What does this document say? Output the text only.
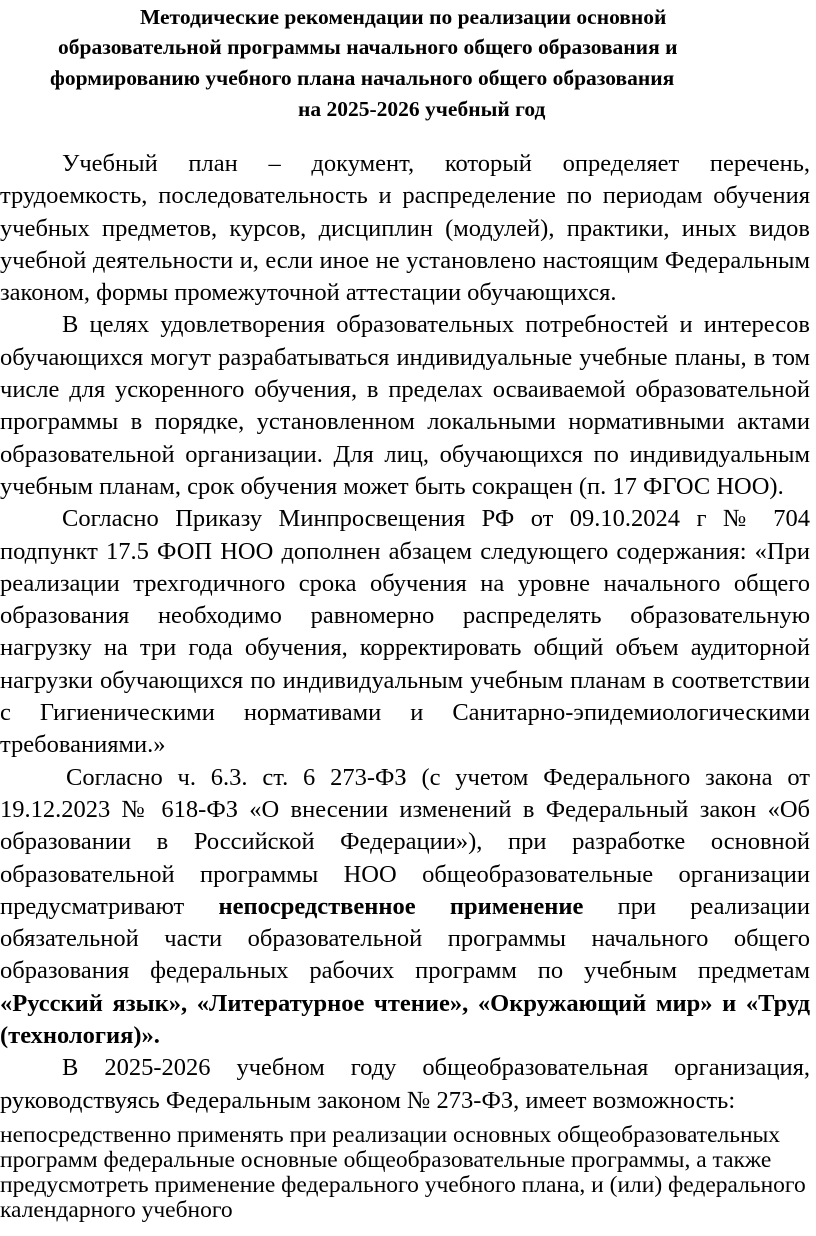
Методические рекомендации по реализации основной
образовательной программы начального общего образования и
формированию учебного плана начального общего образования
на 2025-2026 учебный год

Учебный план – документ, который определяет перечень, трудоемкость, последовательность и распределение по периодам обучения учебных предметов, курсов, дисциплин (модулей), практики, иных видов учебной деятельности и, если иное не установлено настоящим Федеральным законом, формы промежуточной аттестации обучающихся.

В целях удовлетворения образовательных потребностей и интересов обучающихся могут разрабатываться индивидуальные учебные планы, в том числе для ускоренного обучения, в пределах осваиваемой образовательной программы в порядке, установленном локальными нормативными актами образовательной организации. Для лиц, обучающихся по индивидуальным учебным планам, срок обучения может быть сокращен (п. 17 ФГОС НОО).

Согласно Приказу Минпросвещения РФ от 09.10.2024 г № 704 подпункт 17.5 ФОП НОО дополнен абзацем следующего содержания: «При реализации трехгодичного срока обучения на уровне начального общего образования необходимо равномерно распределять образовательную нагрузку на три года обучения, корректировать общий объем аудиторной нагрузки обучающихся по индивидуальным учебным планам в соответствии с Гигиеническими нормативами и Санитарно-эпидемиологическими требованиями.»

Согласно ч. 6.3. ст. 6 273-ФЗ (с учетом Федерального закона от 19.12.2023 № 618-ФЗ «О внесении изменений в Федеральный закон «Об образовании в Российской Федерации»), при разработке основной образовательной программы НОО общеобразовательные организации предусматривают непосредственное применение при реализации обязательной части образовательной программы начального общего образования федеральных рабочих программ по учебным предметам «Русский язык», «Литературное чтение», «Окружающий мир» и «Труд (технология)».

В 2025-2026 учебном году общеобразовательная организация, руководствуясь Федеральным законом № 273-ФЗ, имеет возможность:

непосредственно применять при реализации основных общеобразовательных программ федеральные основные общеобразовательные программы, а также предусмотреть применение федерального учебного плана, и (или) федерального календарного учебного
